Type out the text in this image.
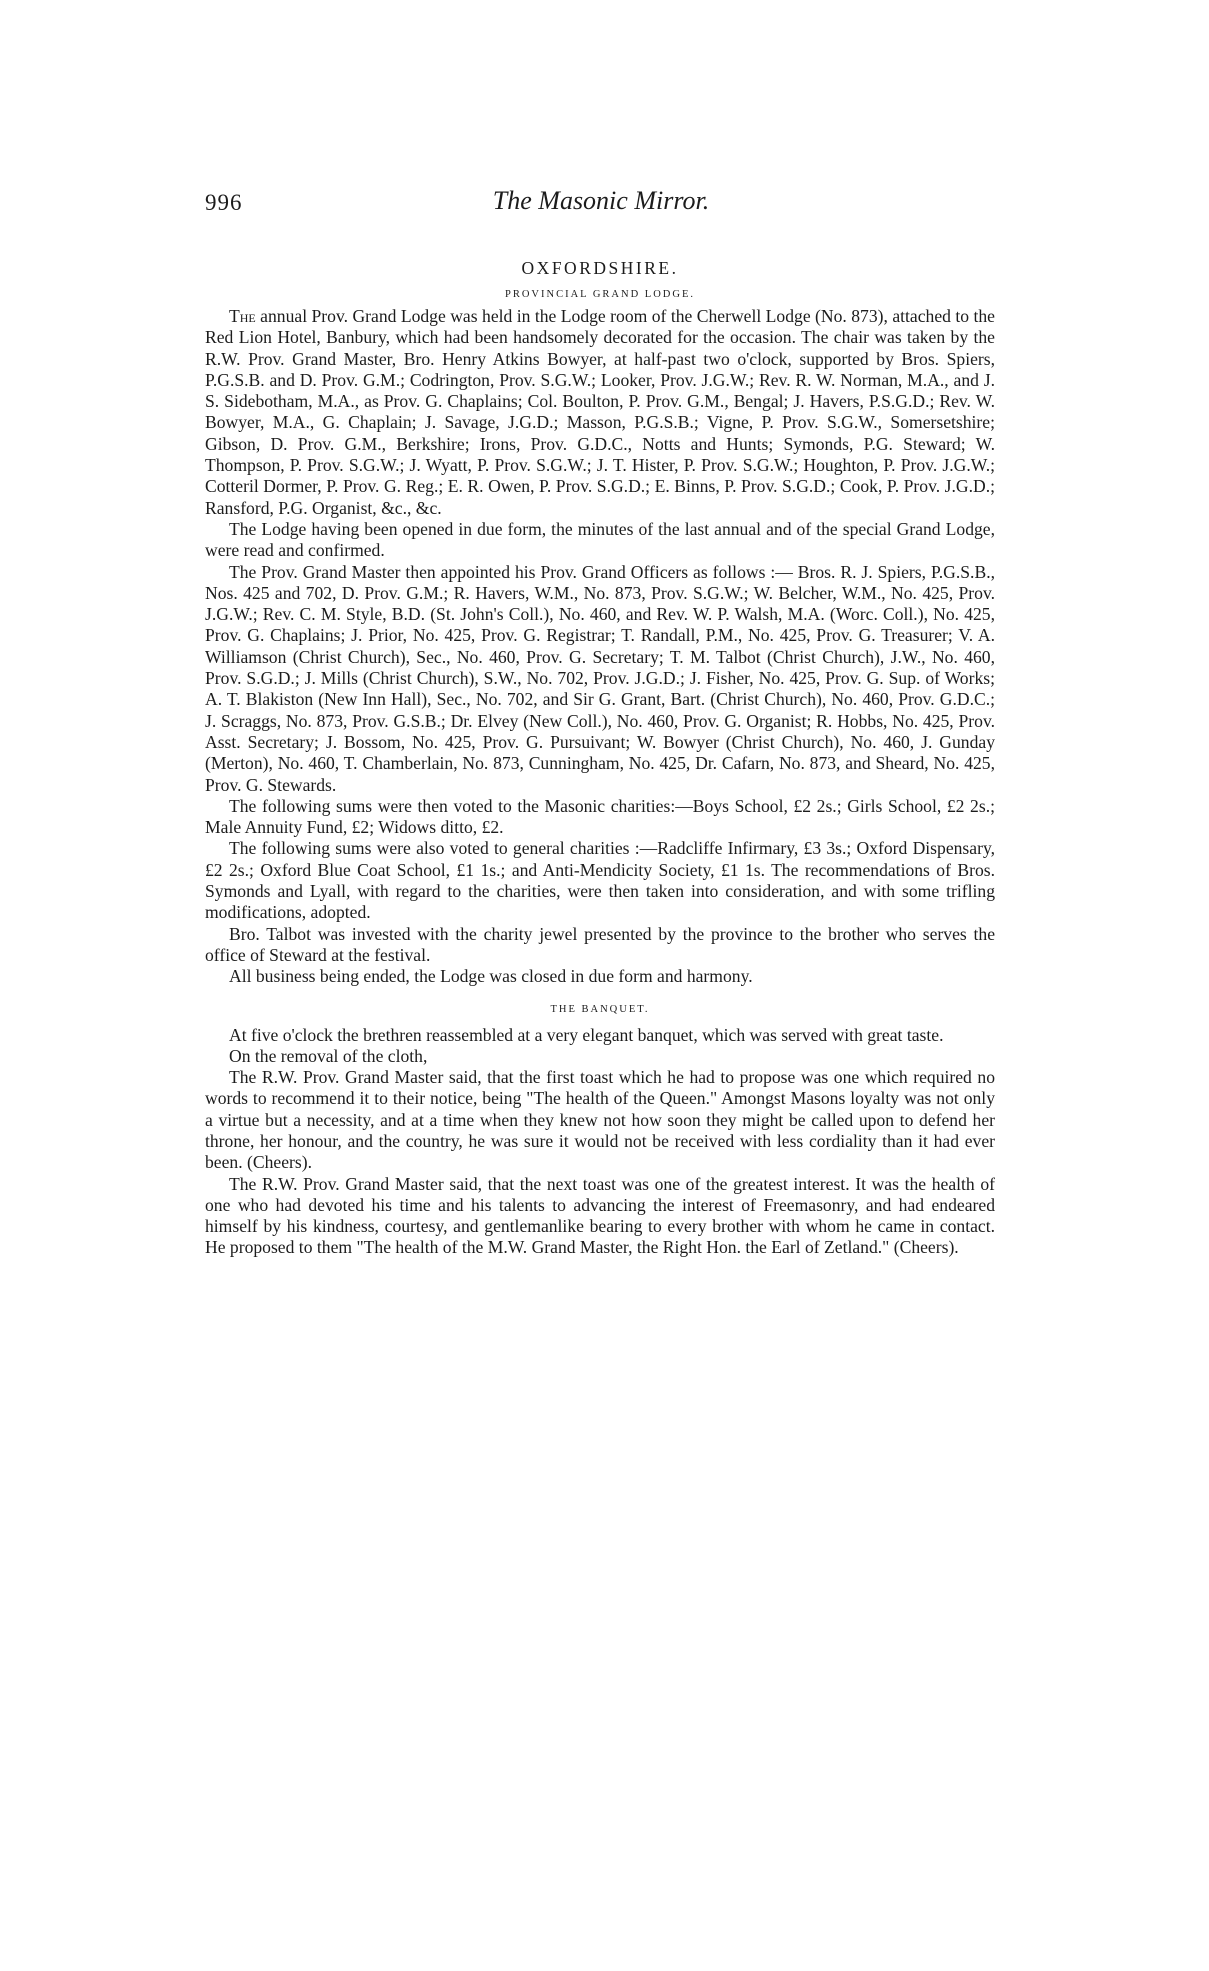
996	The Masonic Mirror.
OXFORDSHIRE.
PROVINCIAL GRAND LODGE.

The annual Prov. Grand Lodge was held in the Lodge room of the Cherwell Lodge (No. 873), attached to the Red Lion Hotel, Banbury, which had been handsomely decorated for the occasion. The chair was taken by the R.W. Prov. Grand Master, Bro. Henry Atkins Bowyer, at half-past two o'clock, supported by Bros. Spiers, P.G.S.B. and D. Prov. G.M.; Codrington, Prov. S.G.W.; Looker, Prov. J.G.W.; Rev. R. W. Norman, M.A., and J. S. Sidebotham, M.A., as Prov. G. Chaplains; Col. Boulton, P. Prov. G.M., Bengal; J. Havers, P.S.G.D.; Rev. W. Bowyer, M.A., G. Chaplain; J. Savage, J.G.D.; Masson, P.G.S.B.; Vigne, P. Prov. S.G.W., Somersetshire; Gibson, D. Prov. G.M., Berkshire; Irons, Prov. G.D.C., Notts and Hunts; Symonds, P.G. Steward; W. Thompson, P. Prov. S.G.W.; J. Wyatt, P. Prov. S.G.W.; J. T. Hister, P. Prov. S.G.W.; Houghton, P. Prov. J.G.W.; Cotteril Dormer, P. Prov. G. Reg.; E. R. Owen, P. Prov. S.G.D.; E. Binns, P. Prov. S.G.D.; Cook, P. Prov. J.G.D.; Ransford, P.G. Organist, &c., &c.

The Lodge having been opened in due form, the minutes of the last annual and of the special Grand Lodge, were read and confirmed.

The Prov. Grand Master then appointed his Prov. Grand Officers as follows :— Bros. R. J. Spiers, P.G.S.B., Nos. 425 and 702, D. Prov. G.M.; R. Havers, W.M., No. 873, Prov. S.G.W.; W. Belcher, W.M., No. 425, Prov. J.G.W.; Rev. C. M. Style, B.D. (St. John's Coll.), No. 460, and Rev. W. P. Walsh, M.A. (Worc. Coll.), No. 425, Prov. G. Chaplains; J. Prior, No. 425, Prov. G. Registrar; T. Randall, P.M., No. 425, Prov. G. Treasurer; V. A. Williamson (Christ Church), Sec., No. 460, Prov. G. Secretary; T. M. Talbot (Christ Church), J.W., No. 460, Prov. S.G.D.; J. Mills (Christ Church), S.W., No. 702, Prov. J.G.D.; J. Fisher, No. 425, Prov. G. Sup. of Works; A. T. Blakiston (New Inn Hall), Sec., No. 702, and Sir G. Grant, Bart. (Christ Church), No. 460, Prov. G.D.C.; J. Scraggs, No. 873, Prov. G.S.B.; Dr. Elvey (New Coll.), No. 460, Prov. G. Organist; R. Hobbs, No. 425, Prov. Asst. Secretary; J. Bossom, No. 425, Prov. G. Pursuivant; W. Bowyer (Christ Church), No. 460, J. Gunday (Merton), No. 460, T. Chamberlain, No. 873, Cunningham, No. 425, Dr. Cafarn, No. 873, and Sheard, No. 425, Prov. G. Stewards.

The following sums were then voted to the Masonic charities:—Boys School, £2 2s.; Girls School, £2 2s.; Male Annuity Fund, £2; Widows ditto, £2.

The following sums were also voted to general charities :—Radcliffe Infirmary, £3 3s.; Oxford Dispensary, £2 2s.; Oxford Blue Coat School, £1 1s.; and Anti-Mendicity Society, £1 1s. The recommendations of Bros. Symonds and Lyall, with regard to the charities, were then taken into consideration, and with some trifling modifications, adopted.

Bro. Talbot was invested with the charity jewel presented by the province to the brother who serves the office of Steward at the festival.

All business being ended, the Lodge was closed in due form and harmony.

THE BANQUET.

At five o'clock the brethren reassembled at a very elegant banquet, which was served with great taste.

On the removal of the cloth,

The R.W. Prov. Grand Master said, that the first toast which he had to propose was one which required no words to recommend it to their notice, being "The health of the Queen." Amongst Masons loyalty was not only a virtue but a necessity, and at a time when they knew not how soon they might be called upon to defend her throne, her honour, and the country, he was sure it would not be received with less cordiality than it had ever been. (Cheers).

The R.W. Prov. Grand Master said, that the next toast was one of the greatest interest. It was the health of one who had devoted his time and his talents to advancing the interest of Freemasonry, and had endeared himself by his kindness, courtesy, and gentlemanlike bearing to every brother with whom he came in contact. He proposed to them "The health of the M.W. Grand Master, the Right Hon. the Earl of Zetland." (Cheers).
